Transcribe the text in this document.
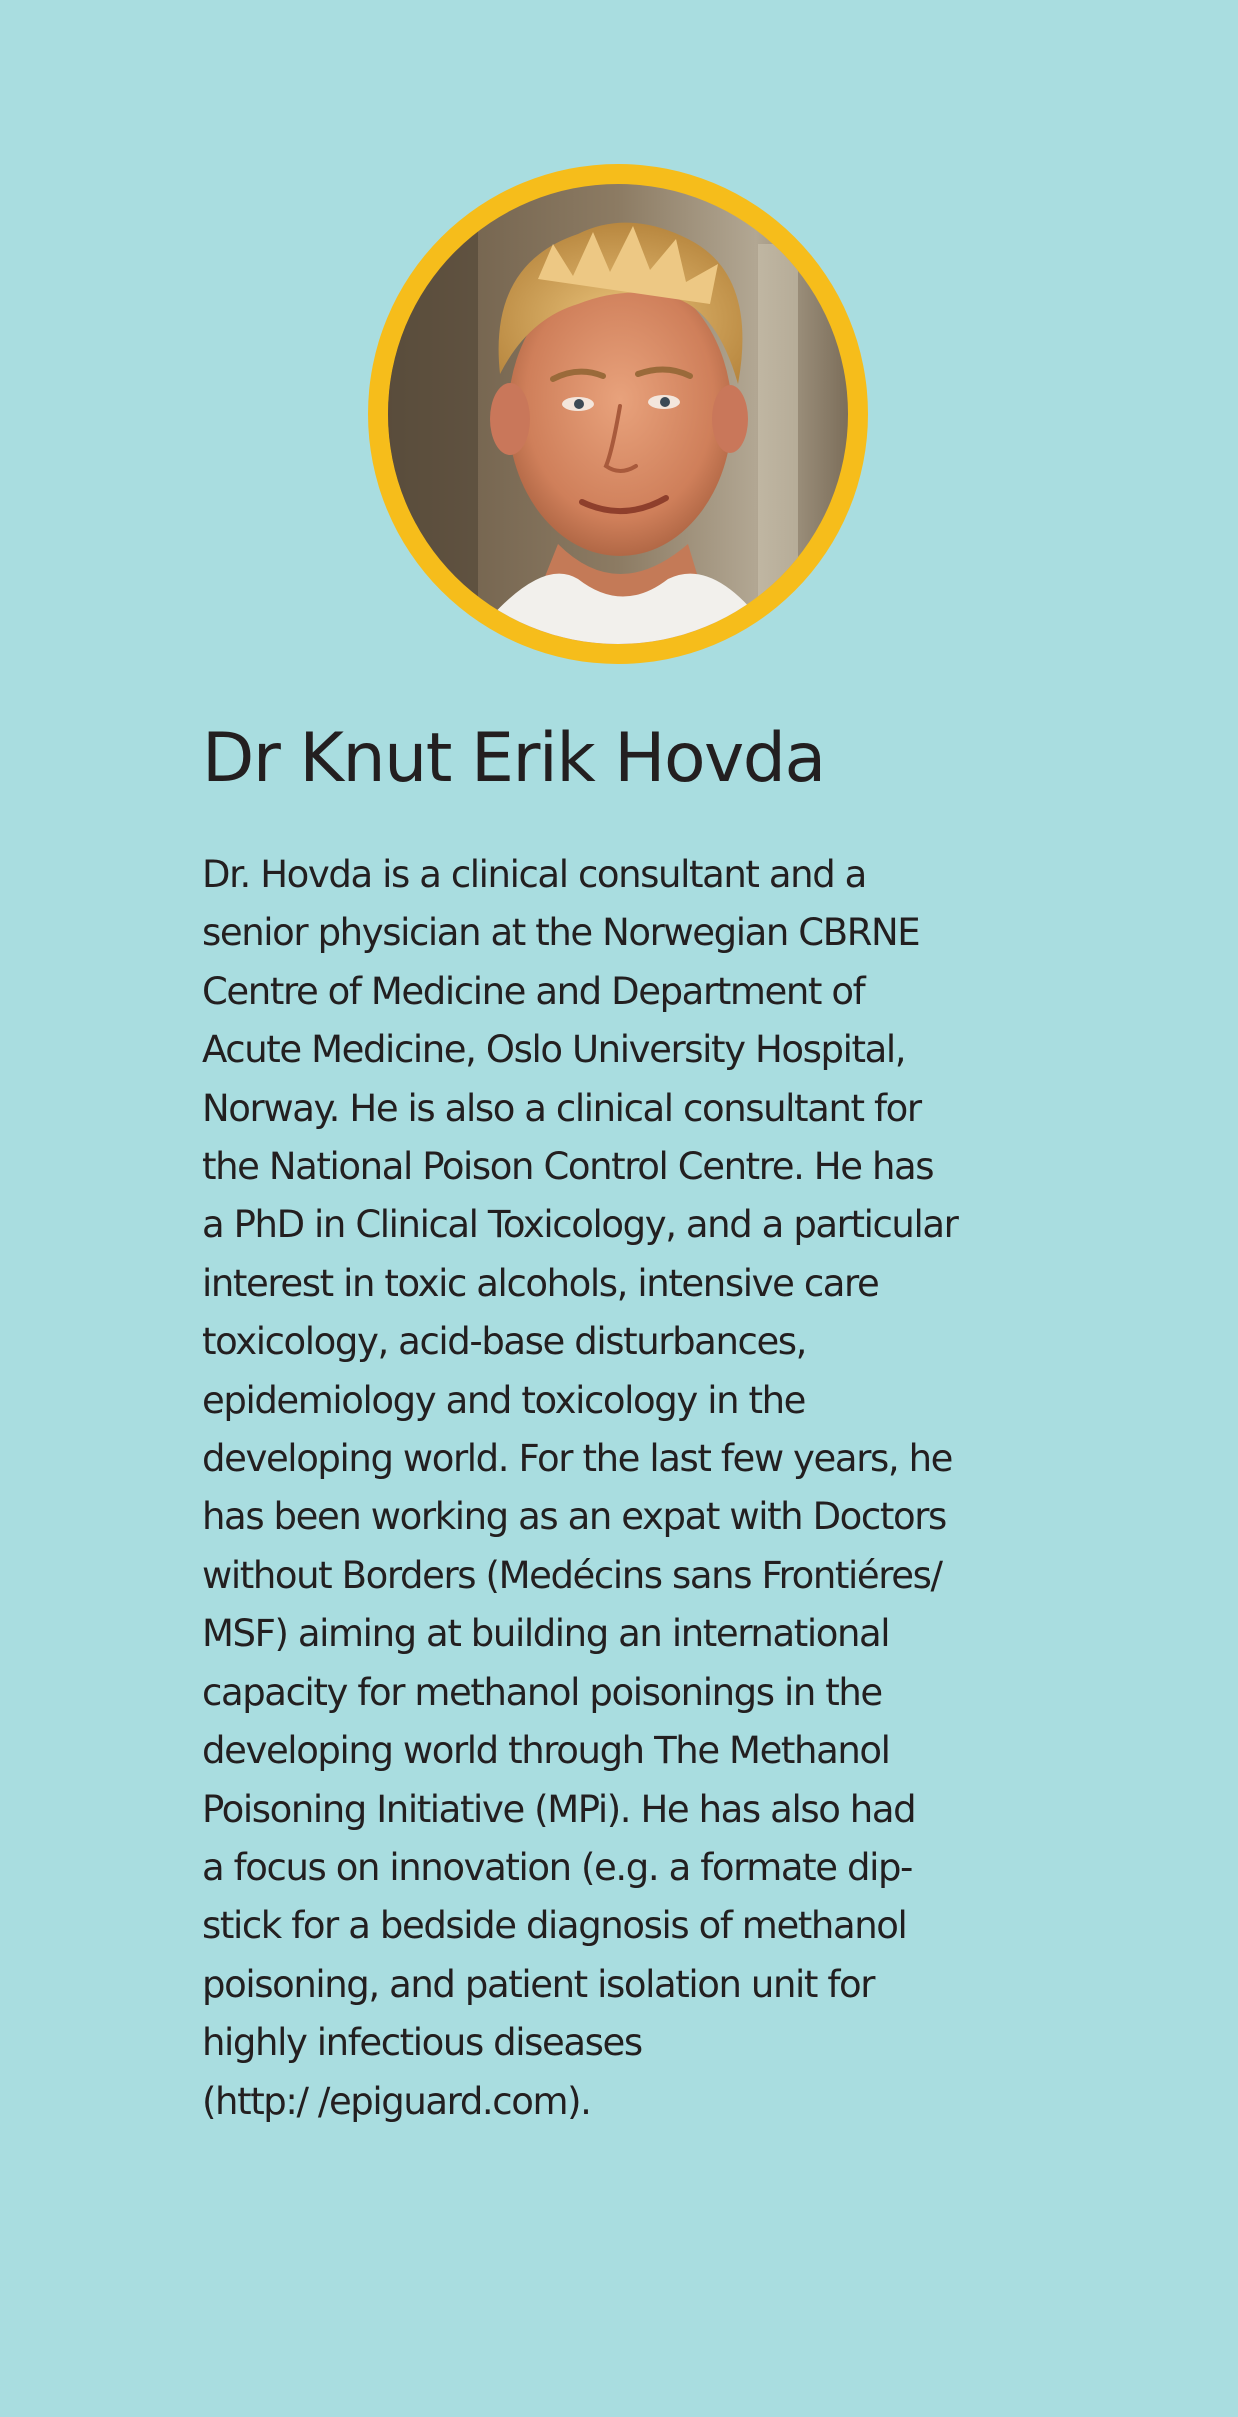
Dr Knut Erik Hovda
Dr. Hovda is a clinical consultant and a
senior physician at the Norwegian CBRNE
Centre of Medicine and Department of
Acute Medicine, Oslo University Hospital,
Norway. He is also a clinical consultant for
the National Poison Control Centre. He has
a PhD in Clinical Toxicology, and a particular
interest in toxic alcohols, intensive care
toxicology, acid-base disturbances,
epidemiology and toxicology in the
developing world. For the last few years, he
has been working as an expat with Doctors
without Borders (Medécins sans Frontiéres/
MSF) aiming at building an international
capacity for methanol poisonings in the
developing world through The Methanol
Poisoning Initiative (MPi). He has also had
a focus on innovation (e.g. a formate dip-
stick for a bedside diagnosis of methanol
poisoning, and patient isolation unit for
highly infectious diseases
(http:/ /epiguard.com).
